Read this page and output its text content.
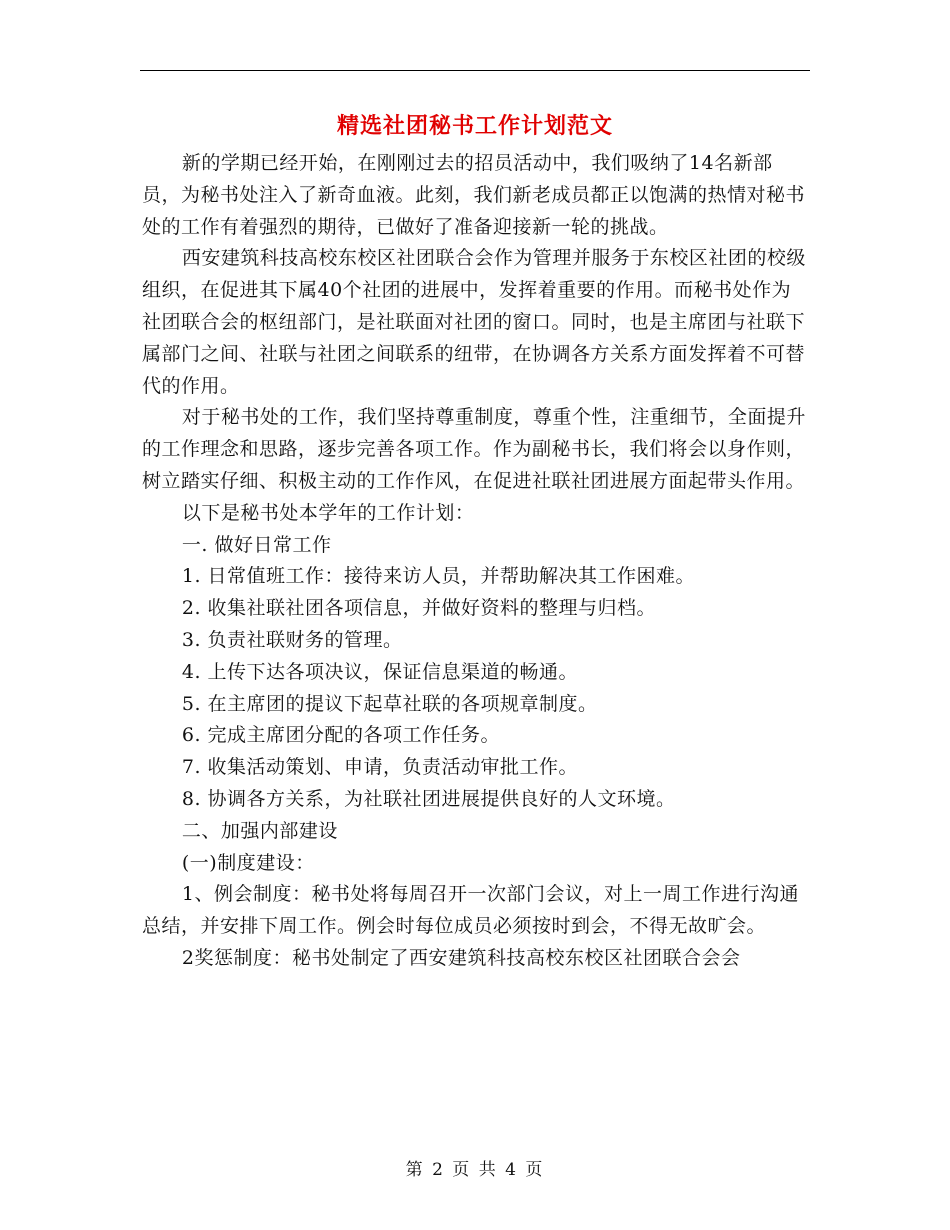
精选社团秘书工作计划范文

新的学期已经开始，在刚刚过去的招员活动中，我们吸纳了14名新部员，为秘书处注入了新奇血液。此刻，我们新老成员都正以饱满的热情对秘书处的工作有着强烈的期待，已做好了准备迎接新一轮的挑战。

西安建筑科技高校东校区社团联合会作为管理并服务于东校区社团的校级组织，在促进其下属40个社团的进展中，发挥着重要的作用。而秘书处作为社团联合会的枢纽部门，是社联面对社团的窗口。同时，也是主席团与社联下属部门之间、社联与社团之间联系的纽带，在协调各方关系方面发挥着不可替代的作用。

对于秘书处的工作，我们坚持尊重制度，尊重个性，注重细节，全面提升的工作理念和思路，逐步完善各项工作。作为副秘书长，我们将会以身作则，树立踏实仔细、积极主动的工作作风，在促进社联社团进展方面起带头作用。

以下是秘书处本学年的工作计划：

一. 做好日常工作

1. 日常值班工作：接待来访人员，并帮助解决其工作困难。

2. 收集社联社团各项信息，并做好资料的整理与归档。

3. 负责社联财务的管理。

4. 上传下达各项决议，保证信息渠道的畅通。

5. 在主席团的提议下起草社联的各项规章制度。

6. 完成主席团分配的各项工作任务。

7. 收集活动策划、申请，负责活动审批工作。

8. 协调各方关系，为社联社团进展提供良好的人文环境。

二、加强内部建设

(一)制度建设：

1、例会制度：秘书处将每周召开一次部门会议，对上一周工作进行沟通总结，并安排下周工作。例会时每位成员必须按时到会，不得无故旷会。

2奖惩制度：秘书处制定了西安建筑科技高校东校区社团联合会会

第 2 页 共 4 页
